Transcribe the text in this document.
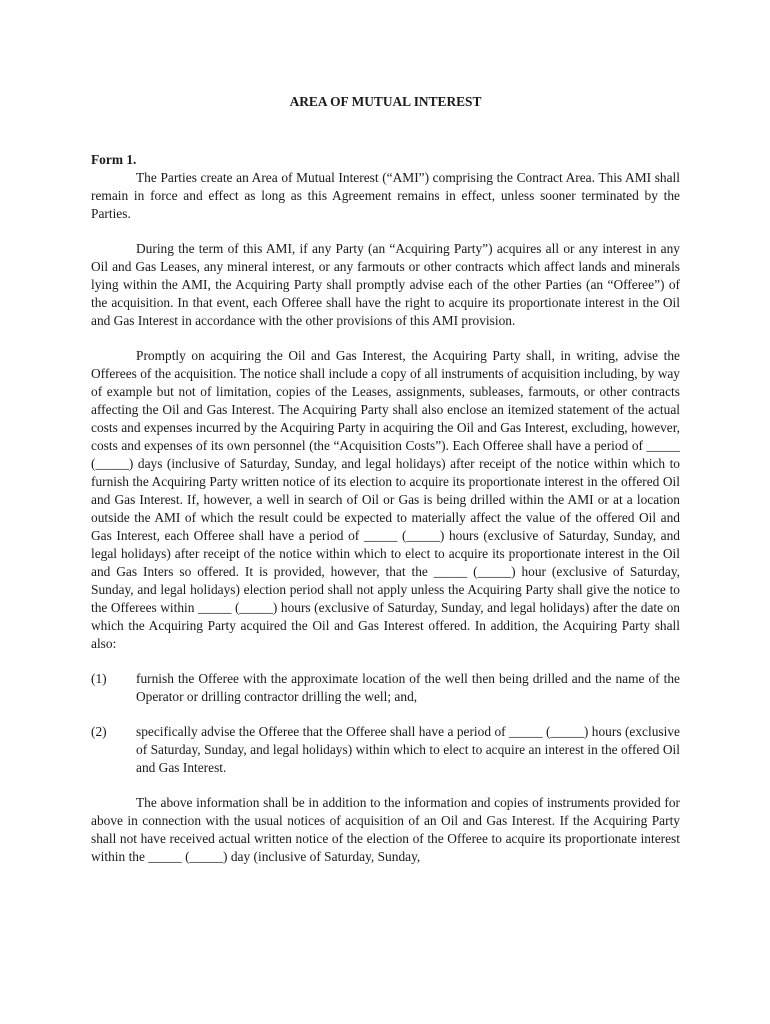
AREA OF MUTUAL INTEREST
Form 1.

The Parties create an Area of Mutual Interest (“AMI”) comprising the Contract Area. This AMI shall remain in force and effect as long as this Agreement remains in effect, unless sooner terminated by the Parties.

During the term of this AMI, if any Party (an “Acquiring Party”) acquires all or any interest in any Oil and Gas Leases, any mineral interest, or any farmouts or other contracts which affect lands and minerals lying within the AMI, the Acquiring Party shall promptly advise each of the other Parties (an “Offeree”) of the acquisition. In that event, each Offeree shall have the right to acquire its proportionate interest in the Oil and Gas Interest in accordance with the other provisions of this AMI provision.

Promptly on acquiring the Oil and Gas Interest, the Acquiring Party shall, in writing, advise the Offerees of the acquisition. The notice shall include a copy of all instruments of acquisition including, by way of example but not of limitation, copies of the Leases, assignments, subleases, farmouts, or other contracts affecting the Oil and Gas Interest. The Acquiring Party shall also enclose an itemized statement of the actual costs and expenses incurred by the Acquiring Party in acquiring the Oil and Gas Interest, excluding, however, costs and expenses of its own personnel (the “Acquisition Costs”). Each Offeree shall have a period of _____ (_____) days (inclusive of Saturday, Sunday, and legal holidays) after receipt of the notice within which to furnish the Acquiring Party written notice of its election to acquire its proportionate interest in the offered Oil and Gas Interest. If, however, a well in search of Oil or Gas is being drilled within the AMI or at a location outside the AMI of which the result could be expected to materially affect the value of the offered Oil and Gas Interest, each Offeree shall have a period of _____ (_____) hours (exclusive of Saturday, Sunday, and legal holidays) after receipt of the notice within which to elect to acquire its proportionate interest in the Oil and Gas Inters so offered. It is provided, however, that the _____ (_____) hour (exclusive of Saturday, Sunday, and legal holidays) election period shall not apply unless the Acquiring Party shall give the notice to the Offerees within _____ (_____) hours (exclusive of Saturday, Sunday, and legal holidays) after the date on which the Acquiring Party acquired the Oil and Gas Interest offered. In addition, the Acquiring Party shall also:

(1)	furnish the Offeree with the approximate location of the well then being drilled and the name of the Operator or drilling contractor drilling the well; and,
(2)	specifically advise the Offeree that the Offeree shall have a period of _____ (_____) hours (exclusive of Saturday, Sunday, and legal holidays) within which to elect to acquire an interest in the offered Oil and Gas Interest.

The above information shall be in addition to the information and copies of instruments provided for above in connection with the usual notices of acquisition of an Oil and Gas Interest. If the Acquiring Party shall not have received actual written notice of the election of the Offeree to acquire its proportionate interest within the _____ (_____) day (inclusive of Saturday, Sunday,
